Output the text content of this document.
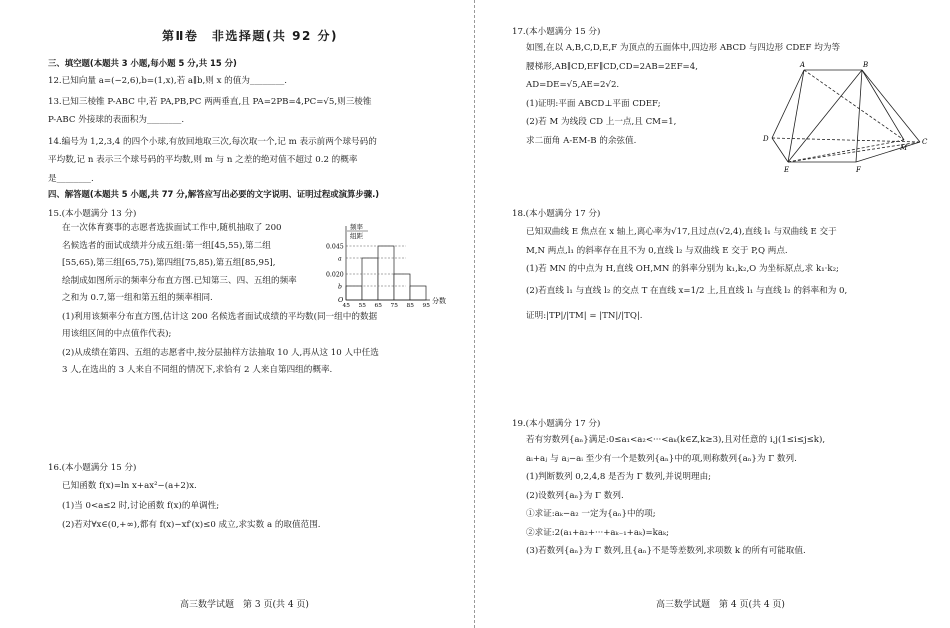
第Ⅱ卷　非选择题(共 92 分)
三、填空题(本题共 3 小题,每小题 5 分,共 15 分)
12.已知向量 a=(−2,6),b=(1,x),若 a∥b,则 x 的值为________.
13.已知三棱锥 P-ABC 中,若 PA,PB,PC 两两垂直,且 PA=2PB=4,PC=√5,则三棱锥
P-ABC 外接球的表面积为________.
14.编号为 1,2,3,4 的四个小球,有放回地取三次,每次取一个,记 m 表示前两个球号码的
平均数,记 n 表示三个球号码的平均数,则 m 与 n 之差的绝对值不超过 0.2 的概率
是________.
四、解答题(本题共 5 小题,共 77 分,解答应写出必要的文字说明、证明过程或演算步骤.)
15.(本小题满分 13 分)
在一次体育赛事的志愿者选拔面试工作中,随机抽取了 200
名候选者的面试成绩并分成五组:第一组[45,55),第二组
[55,65),第三组[65,75),第四组[75,85),第五组[85,95],
绘制成如图所示的频率分布直方图.已知第三、四、五组的频率
之和为 0.7,第一组和第五组的频率相同.
(1)利用该频率分布直方图,估计这 200 名候选者面试成绩的平均数(同一组中的数据
用该组区间的中点值作代表);
(2)从成绩在第四、五组的志愿者中,按分层抽样方法抽取 10 人,再从这 10 人中任选
3 人,在选出的 3 人来自不同组的情况下,求恰有 2 人来自第四组的概率.
频率
组距
0.045
a
0.020
b
45 55 65 75 85 95
O	分数
16.(本小题满分 15 分)
已知函数 f(x)=ln x+ax²−(a+2)x.
(1)当 0<a≤2 时,讨论函数 f(x)的单调性;
(2)若对∀x∈(0,+∞),都有 f(x)−xf′(x)≤0 成立,求实数 a 的取值范围.
高三数学试题　第 3 页(共 4 页)
17.(本小题满分 15 分)
如图,在以 A,B,C,D,E,F 为顶点的五面体中,四边形 ABCD 与四边形 CDEF 均为等
腰梯形,AB∥CD,EF∥CD,CD=2AB=2EF=4,
AD=DE=√5,AE=2√2.
(1)证明:平面 ABCD⊥平面 CDEF;
(2)若 M 为线段 CD 上一点,且 CM=1,
求二面角 A-EM-B 的余弦值.
A	B
C
D
E	F
M
18.(本小题满分 17 分)
已知双曲线 E 焦点在 x 轴上,离心率为√17,且过点(√2,4),直线 l₁ 与双曲线 E 交于
M,N 两点,l₁ 的斜率存在且不为 0,直线 l₂ 与双曲线 E 交于 P,Q 两点.
(1)若 MN 的中点为 H,直线 OH,MN 的斜率分别为 k₁,k₂,O 为坐标原点,求 k₁·k₂;
(2)若直线 l₁ 与直线 l₂ 的交点 T 在直线 x=1/2 上,且直线 l₁ 与直线 l₂ 的斜率和为 0,
证明:|TP|/|TM| = |TN|/|TQ|.
19.(本小题满分 17 分)
若有穷数列{aₙ}满足:0≤a₁<a₂<···<aₖ(k∈Z,k≥3),且对任意的 i,j(1≤i≤j≤k),
aᵢ+aⱼ 与 aⱼ−aᵢ 至少有一个是数列{aₙ}中的项,则称数列{aₙ}为 Γ 数列.
(1)判断数列 0,2,4,8 是否为 Γ 数列,并说明理由;
(2)设数列{aₙ}为 Γ 数列.
①求证:aₖ−a₂ 一定为{aₙ}中的项;
②求证:2(a₁+a₂+···+aₖ₋₁+aₖ)=kaₖ;
(3)若数列{aₙ}为 Γ 数列,且{aₙ}不是等差数列,求项数 k 的所有可能取值.
高三数学试题　第 4 页(共 4 页)
